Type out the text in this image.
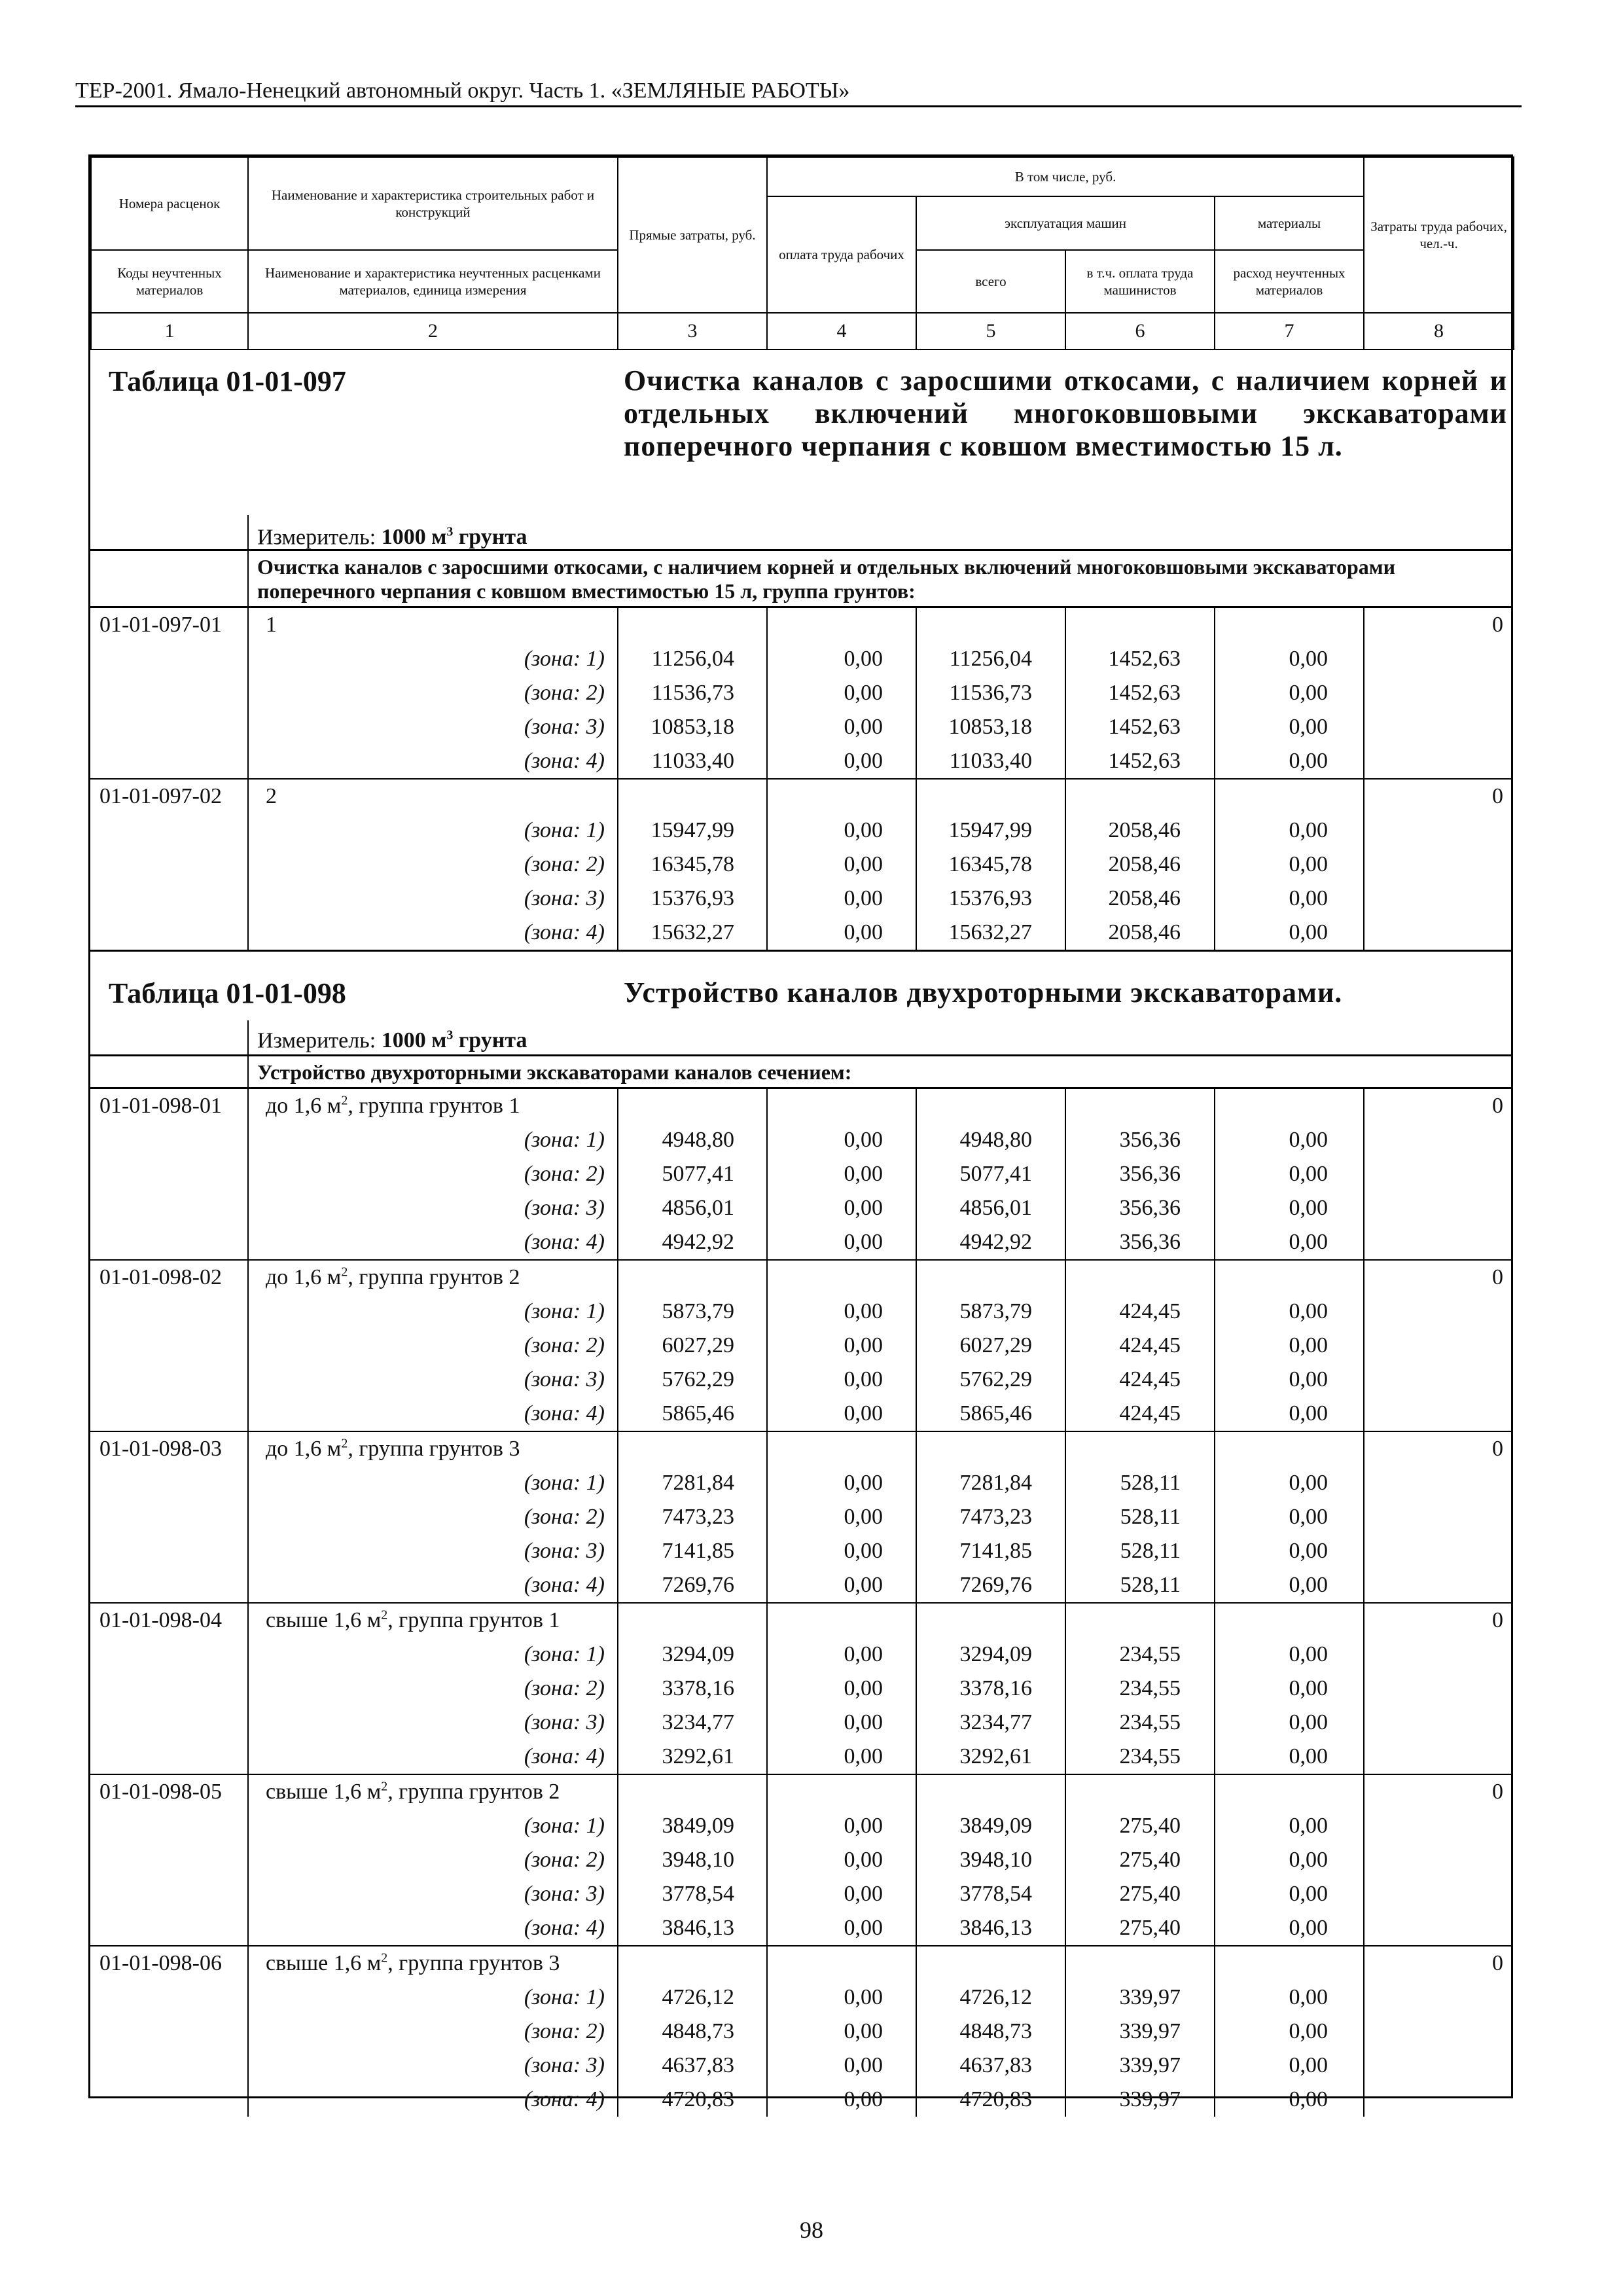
ТЕР-2001. Ямало-Ненецкий автономный округ. Часть 1. «ЗЕМЛЯНЫЕ РАБОТЫ»
Номера расценок	Наименование и характеристика строительных работ и конструкций	Прямые затраты, руб.	В том числе, руб.				Затраты труда рабочих, чел.-ч.
			оплата труда рабочих	эксплуатация машин		материалы	
Коды неучтенных материалов	Наименование и характеристика неучтенных расценками материалов, единица измерения			всего	в т.ч. оплата труда машинистов	расход неучтенных материалов	
1	2	3	4	5	6	7	8
Таблица 01-01-097	Очистка каналов с заросшими откосами, с наличием корней и отдельных включений многоковшовыми экскаваторами поперечного черпания с ковшом вместимостью 15 л.
Измеритель: 1000 $м^3$ грунта
Очистка каналов с заросшими откосами, с наличием корней и отдельных включений многоковшовыми экскаваторами поперечного черпания с ковшом вместимостью 15 л, группа грунтов:
01-01-097-01 1	0
(зона: 1) 11256,04	0,00	11256,04	1452,63	0,00
(зона: 2) 11536,73	0,00	11536,73	1452,63	0,00
(зона: 3) 10853,18	0,00	10853,18	1452,63	0,00
(зона: 4) 11033,40	0,00	11033,40	1452,63	0,00
01-01-097-02 2	0
(зона: 1) 15947,99	0,00	15947,99	2058,46	0,00
(зона: 2) 16345,78	0,00	16345,78	2058,46	0,00
(зона: 3) 15376,93	0,00	15376,93	2058,46	0,00
(зона: 4) 15632,27	0,00	15632,27	2058,46	0,00
Таблица 01-01-098	Устройство каналов двухроторными экскаваторами.
Измеритель: 1000 $м^3$ грунта
Устройство двухроторными экскаваторами каналов сечением:
01-01-098-01 до 1,6 $м^2$, группа грунтов 1	0
(зона: 1)	4948,80	0,00	4948,80	356,36	0,00
(зона: 2)	5077,41	0,00	5077,41	356,36	0,00
(зона: 3)	4856,01	0,00	4856,01	356,36	0,00
(зона: 4)	4942,92	0,00	4942,92	356,36	0,00
01-01-098-02 до 1,6 $м^2$, группа грунтов 2	0
(зона: 1)	5873,79	0,00	5873,79	424,45	0,00
(зона: 2)	6027,29	0,00	6027,29	424,45	0,00
(зона: 3)	5762,29	0,00	5762,29	424,45	0,00
(зона: 4)	5865,46	0,00	5865,46	424,45	0,00
01-01-098-03 до 1,6 $м^2$, группа грунтов 3	0
(зона: 1)	7281,84	0,00	7281,84	528,11	0,00
(зона: 2)	7473,23	0,00	7473,23	528,11	0,00
(зона: 3)	7141,85	0,00	7141,85	528,11	0,00
(зона: 4)	7269,76	0,00	7269,76	528,11	0,00
01-01-098-04 свыше 1,6 $м^2$, группа грунтов 1	0
(зона: 1)	3294,09	0,00	3294,09	234,55	0,00
(зона: 2)	3378,16	0,00	3378,16	234,55	0,00
(зона: 3)	3234,77	0,00	3234,77	234,55	0,00
(зона: 4)	3292,61	0,00	3292,61	234,55	0,00
01-01-098-05 свыше 1,6 $м^2$, группа грунтов 2	0
(зона: 1)	3849,09	0,00	3849,09	275,40	0,00
(зона: 2)	3948,10	0,00	3948,10	275,40	0,00
(зона: 3)	3778,54	0,00	3778,54	275,40	0,00
(зона: 4)	3846,13	0,00	3846,13	275,40	0,00
01-01-098-06 свыше 1,6 $м^2$, группа грунтов 3	0
(зона: 1)	4726,12	0,00	4726,12	339,97	0,00
(зона: 2)	4848,73	0,00	4848,73	339,97	0,00
(зона: 3)	4637,83	0,00	4637,83	339,97	0,00
(зона: 4)	4720,83	0,00	4720,83	339,97	0,00
98
